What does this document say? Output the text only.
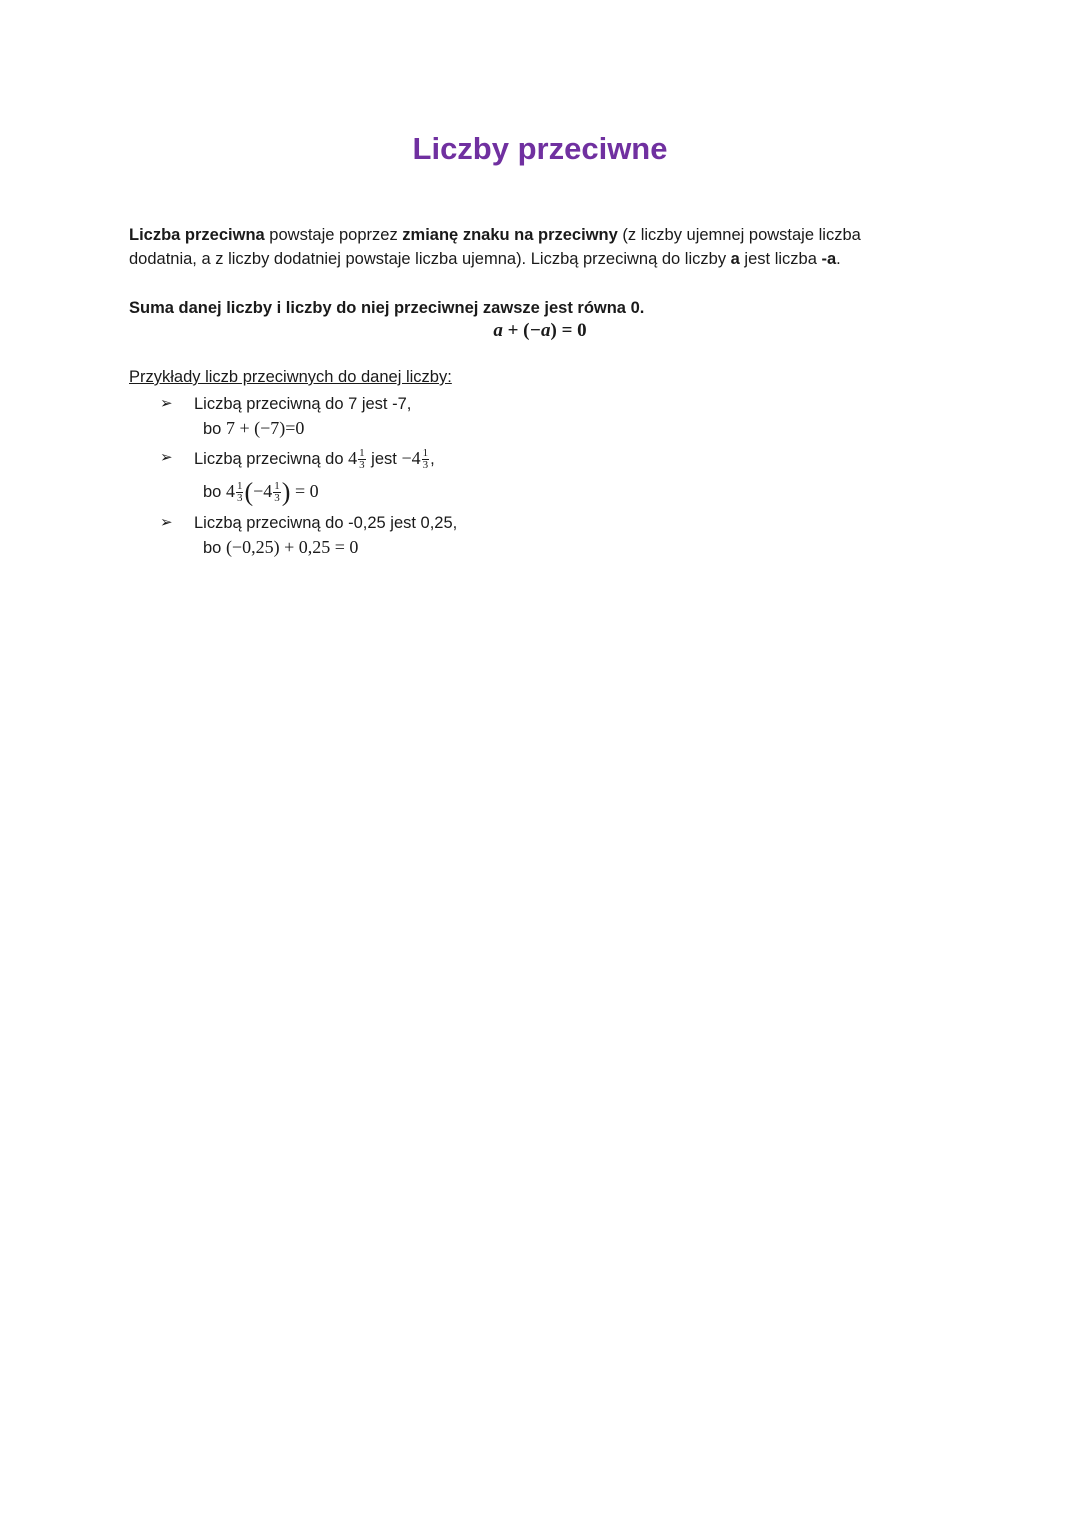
Liczby przeciwne

Liczba przeciwna powstaje poprzez zmianę znaku na przeciwny (z liczby ujemnej powstaje liczba dodatnia, a z liczby dodatniej powstaje liczba ujemna). Liczbą przeciwną do liczby a jest liczba -a.

Suma danej liczby i liczby do niej przeciwnej zawsze jest równa 0.

a + (−a) = 0

Przykłady liczb przeciwnych do danej liczby:

➢ Liczbą przeciwną do 7 jest -7,
bo 7 + (−7)=0
➢ Liczbą przeciwną do $4 \frac{1}{3}$ jest $-4 \frac{1}{3}$ ,
bo $4 \frac{1}{3} (-4 \frac{1}{3}$ ) = 0
➢ Liczbą przeciwną do -0,25 jest 0,25,
bo (−0,25) + 0,25 = 0
